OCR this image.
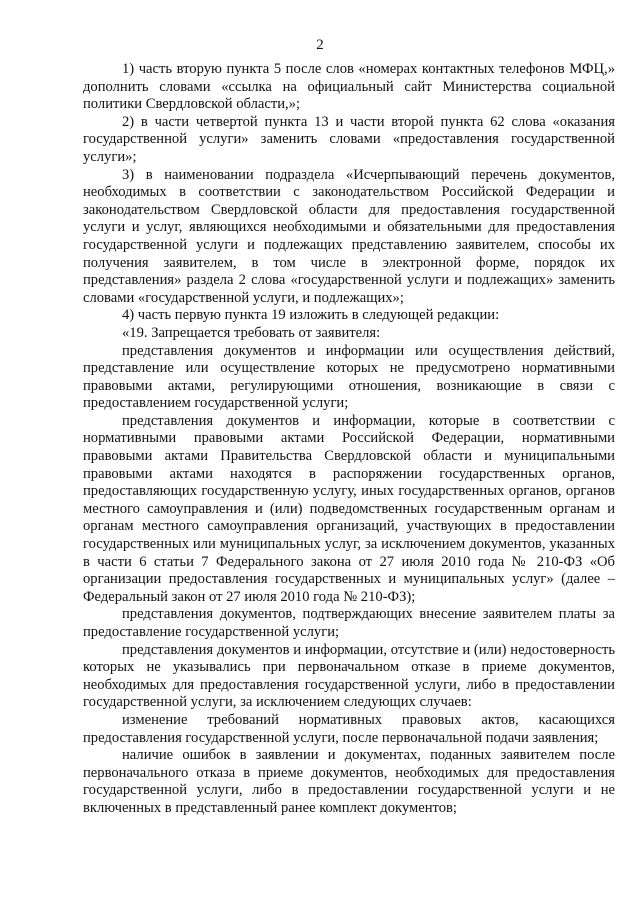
2

1) часть вторую пункта 5 после слов «номерах контактных телефонов МФЦ,» дополнить словами «ссылка на официальный сайт Министерства социальной политики Свердловской области,»;

2) в части четвертой пункта 13 и части второй пункта 62 слова «оказания государственной услуги» заменить словами «предоставления государственной услуги»;

3) в наименовании подраздела «Исчерпывающий перечень документов, необходимых в соответствии с законодательством Российской Федерации и законодательством Свердловской области для предоставления государственной услуги и услуг, являющихся необходимыми и обязательными для предоставления государственной услуги и подлежащих представлению заявителем, способы их получения заявителем, в том числе в электронной форме, порядок их представления» раздела 2 слова «государственной услуги и подлежащих» заменить словами «государственной услуги, и подлежащих»;

4) часть первую пункта 19 изложить в следующей редакции:

«19. Запрещается требовать от заявителя:

представления документов и информации или осуществления действий, представление или осуществление которых не предусмотрено нормативными правовыми актами, регулирующими отношения, возникающие в связи с предоставлением государственной услуги;

представления документов и информации, которые в соответствии с нормативными правовыми актами Российской Федерации, нормативными правовыми актами Правительства Свердловской области и муниципальными правовыми актами находятся в распоряжении государственных органов, предоставляющих государственную услугу, иных государственных органов, органов местного самоуправления и (или) подведомственных государственным органам и органам местного самоуправления организаций, участвующих в предоставлении государственных или муниципальных услуг, за исключением документов, указанных в части 6 статьи 7 Федерального закона от 27 июля 2010 года № 210-ФЗ «Об организации предоставления государственных и муниципальных услуг» (далее – Федеральный закон от 27 июля 2010 года № 210-ФЗ);

представления документов, подтверждающих внесение заявителем платы за предоставление государственной услуги;

представления документов и информации, отсутствие и (или) недостоверность которых не указывались при первоначальном отказе в приеме документов, необходимых для предоставления государственной услуги, либо в предоставлении государственной услуги, за исключением следующих случаев:

изменение требований нормативных правовых актов, касающихся предоставления государственной услуги, после первоначальной подачи заявления;

наличие ошибок в заявлении и документах, поданных заявителем после первоначального отказа в приеме документов, необходимых для предоставления государственной услуги, либо в предоставлении государственной услуги и не включенных в представленный ранее комплект документов;
